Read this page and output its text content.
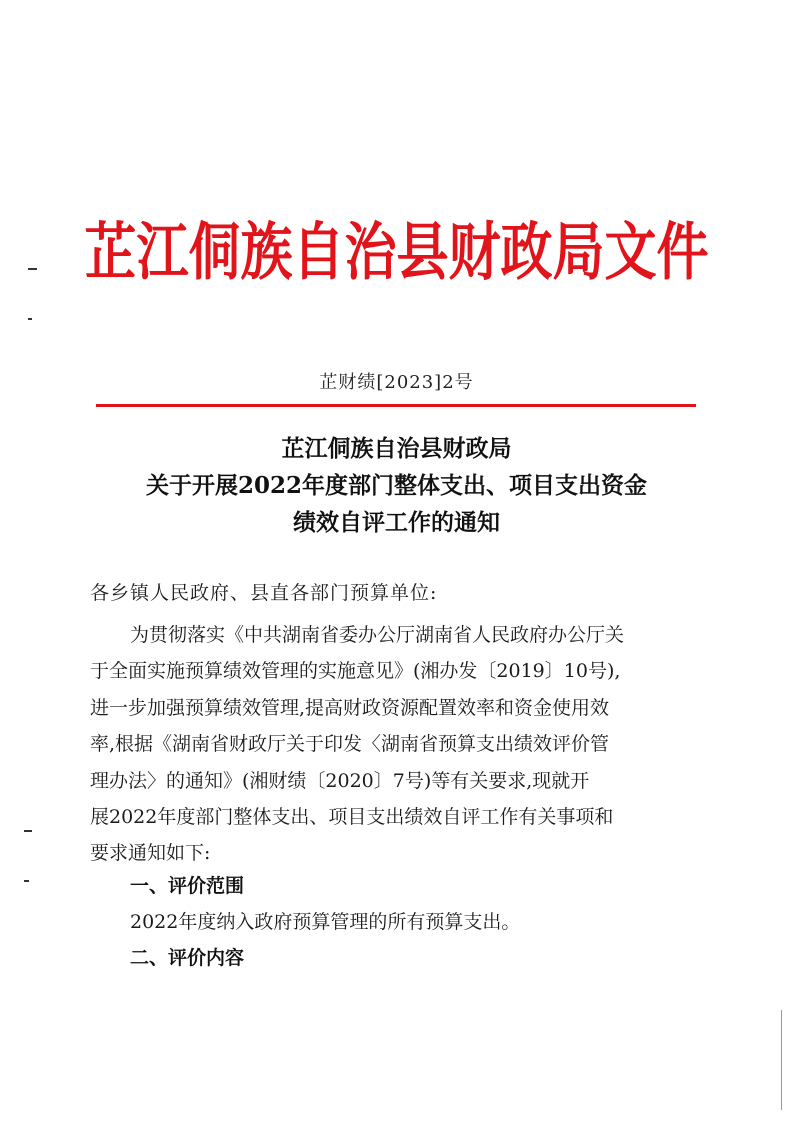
芷江侗族自治县财政局文件
芷财绩[2023]2号
芷江侗族自治县财政局
关于开展2022年度部门整体支出、项目支出资金
绩效自评工作的通知
各乡镇人民政府、县直各部门预算单位:
为贯彻落实《中共湖南省委办公厅湖南省人民政府办公厅关
于全面实施预算绩效管理的实施意见》(湘办发〔2019〕10号),
进一步加强预算绩效管理,提高财政资源配置效率和资金使用效
率,根据《湖南省财政厅关于印发〈湖南省预算支出绩效评价管
理办法〉的通知》(湘财绩〔2020〕7号)等有关要求,现就开
展2022年度部门整体支出、项目支出绩效自评工作有关事项和
要求通知如下:
一、评价范围
2022年度纳入政府预算管理的所有预算支出。
二、评价内容
